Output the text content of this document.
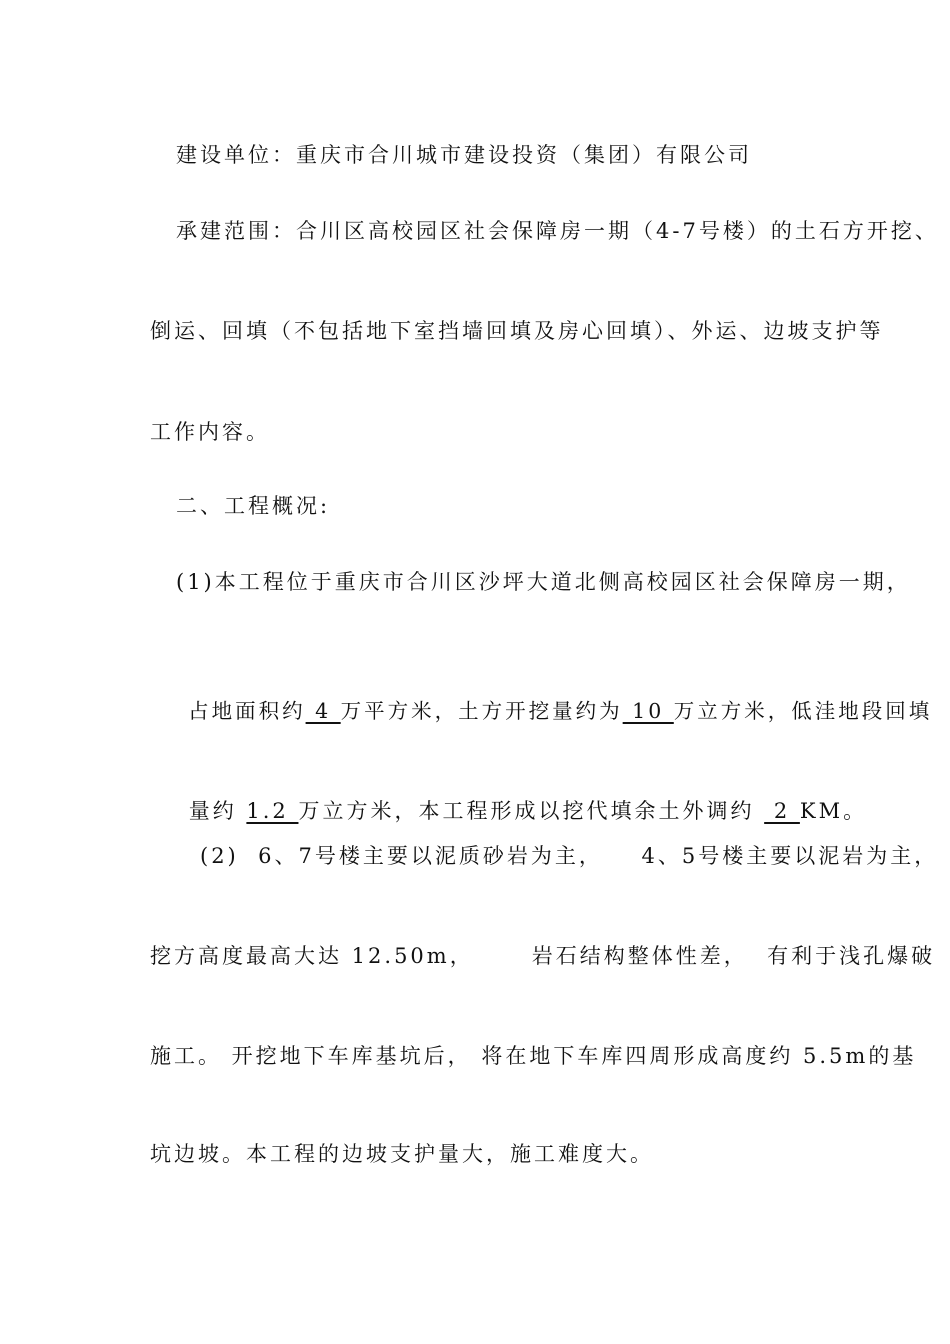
建设单位：重庆市合川城市建设投资（集团）有限公司
承建范围：合川区高校园区社会保障房一期（4-7号楼）的土石方开挖、
倒运、回填（不包括地下室挡墙回填及房心回填）、外运、边坡支护等
工作内容。
二、工程概况:
(1)本工程位于重庆市合川区沙坪大道北侧高校园区社会保障房一期，

占地面积约 4 万平方米，土方开挖量约为 10 万立方米，低洼地段回填

量约 1.2 万立方米，本工程形成以挖代填余土外调约  2 KM。

(2)  6、7号楼主要以泥质砂岩为主，    4、5号楼主要以泥岩为主，
挖方高度最高大达 12.50m，      岩石结构整体性差，  有利于浅孔爆破
施工。 开挖地下车库基坑后， 将在地下车库四周形成高度约 5.5m的基
坑边坡。本工程的边坡支护量大，施工难度大。
